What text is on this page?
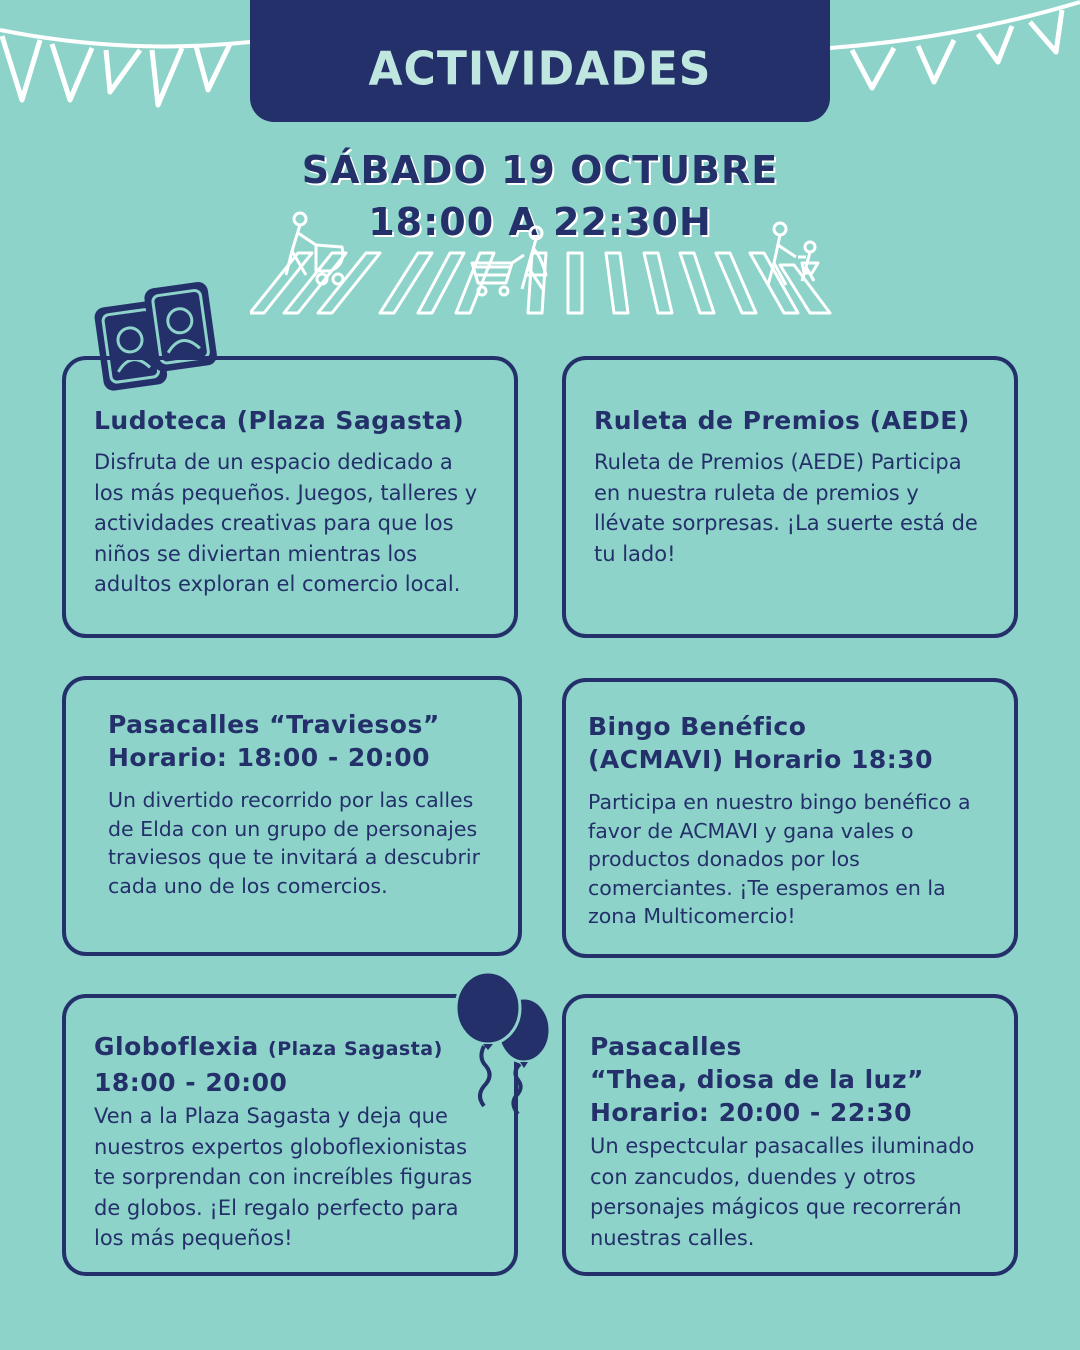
ACTIVIDADES
SÁBADO 19 OCTUBRE
18:00 A 22:30H
Ludoteca (Plaza Sagasta)
Disfruta de un espacio dedicado a los más pequeños. Juegos, talleres y actividades creativas para que los niños se diviertan mientras los adultos exploran el comercio local.
Ruleta de Premios (AEDE)
Ruleta de Premios (AEDE) Participa en nuestra ruleta de premios y llévate sorpresas. ¡La suerte está de tu lado!
Pasacalles “Traviesos”
Horario: 18:00 - 20:00
Un divertido recorrido por las calles de Elda con un grupo de personajes traviesos que te invitará a descubrir cada uno de los comercios.
Bingo Benéfico
(ACMAVI) Horario 18:30
Participa en nuestro bingo benéfico a favor de ACMAVI y gana vales o productos donados por los comerciantes. ¡Te esperamos en la zona Multicomercio!
Globoflexia (Plaza Sagasta)
18:00 - 20:00
Ven a la Plaza Sagasta y deja que nuestros expertos globoflexionistas te sorprendan con increíbles figuras de globos. ¡El regalo perfecto para los más pequeños!
Pasacalles
“Thea, diosa de la luz”
Horario: 20:00 - 22:30
Un espectcular pasacalles iluminado con zancudos, duendes y otros personajes mágicos que recorrerán nuestras calles.
